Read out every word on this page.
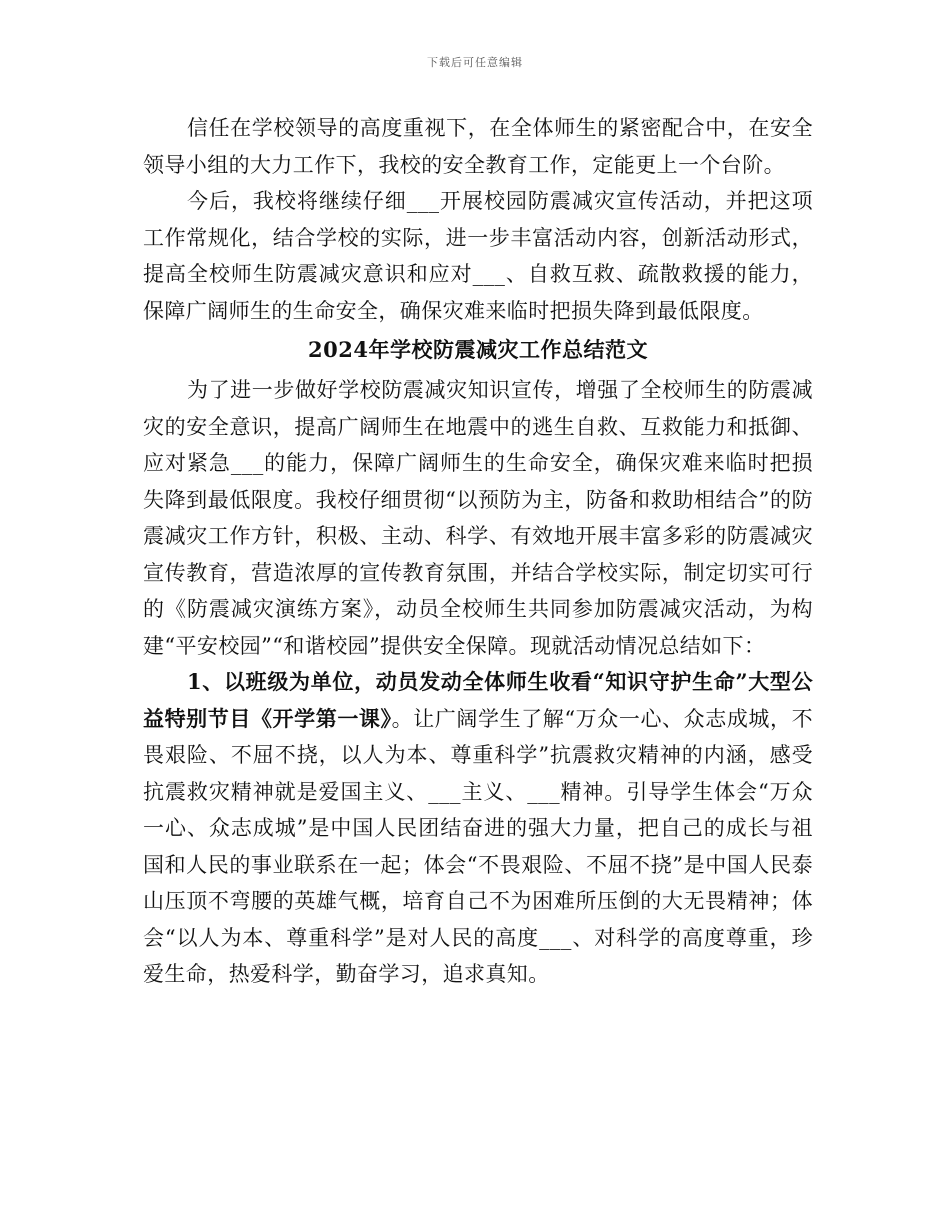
下载后可任意编辑

信任在学校领导的高度重视下，在全体师生的紧密配合中，在安全领导小组的大力工作下，我校的安全教育工作，定能更上一个台阶。

今后，我校将继续仔细___开展校园防震减灾宣传活动，并把这项工作常规化，结合学校的实际，进一步丰富活动内容，创新活动形式，提高全校师生防震减灾意识和应对___、自救互救、疏散救援的能力，保障广阔师生的生命安全，确保灾难来临时把损失降到最低限度。

2024年学校防震减灾工作总结范文

为了进一步做好学校防震减灾知识宣传，增强了全校师生的防震减灾的安全意识，提高广阔师生在地震中的逃生自救、互救能力和抵御、应对紧急___的能力，保障广阔师生的生命安全，确保灾难来临时把损失降到最低限度。我校仔细贯彻“以预防为主，防备和救助相结合”的防震减灾工作方针，积极、主动、科学、有效地开展丰富多彩的防震减灾宣传教育，营造浓厚的宣传教育氛围，并结合学校实际，制定切实可行的《防震减灾演练方案》，动员全校师生共同参加防震减灾活动，为构建“平安校园”“和谐校园”提供安全保障。现就活动情况总结如下：

1、以班级为单位，动员发动全体师生收看“知识守护生命”大型公益特别节目《开学第一课》。让广阔学生了解“万众一心、众志成城，不畏艰险、不屈不挠，以人为本、尊重科学”抗震救灾精神的内涵，感受抗震救灾精神就是爱国主义、___主义、___精神。引导学生体会“万众一心、众志成城”是中国人民团结奋进的强大力量，把自己的成长与祖国和人民的事业联系在一起；体会“不畏艰险、不屈不挠”是中国人民泰山压顶不弯腰的英雄气概，培育自己不为困难所压倒的大无畏精神；体会“以人为本、尊重科学”是对人民的高度___、对科学的高度尊重，珍爱生命，热爱科学，勤奋学习，追求真知。
